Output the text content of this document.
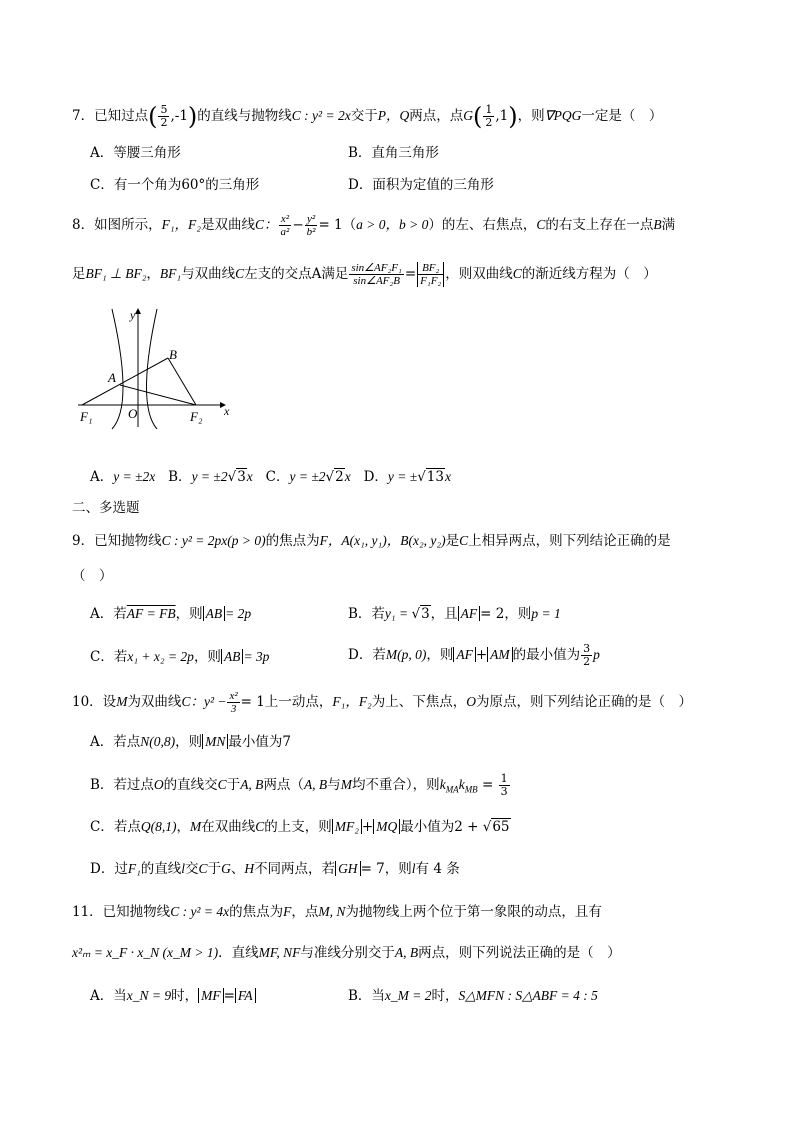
7．已知过点( $\frac{5}{2} ,-1$)的直线与抛物线C : y² = 2x交于P，Q两点，点$G( \frac{1}{2} ,1)$，则∇PQG一定是（　）
A．等腰三角形	B．直角三角形
C．有一个角为60°的三角形	D．面积为定值的三角形
8．如图所示，F₁，F₂是双曲线C： $\frac{\text{x²}}{\text{a²}} - \frac{\text{y²}}{\text{b²}} = 1(a > 0$，b > 0）的左、右焦点，C的右支上存在一点B满
足BF₁ ⊥ BF₂，BF₁与双曲线C左支的交点A满足 $\frac{\text{sin∠AF₂F₁}}{\text{sin∠AF₂B}} = \frac{\text{BF₂}}{\text{F₁F₂}}$ ，则双曲线C的渐近线方程为（　）
y
x
B
A
O
F₁	F₂
A．y = ±2x B．y = ±2√3x C．y = ±2√2x D．y = ±√13x
二、多选题
9．已知抛物线C : y² = 2px(p > 0)的焦点为F，A(x₁, y₁)，B(x₂, y₂)是C上相异两点，则下列结论正确的是
（　）
A．若AF = FB，则 AB = 2p	B．若y₁ = √3，且 AF = 2，则p = 1
C．若x₁ + x₂ = 2p，则 AB = 3p	D．若M(p, 0)，则 AF + AM 的最小值为 $\frac{3}{2}$ p
10．设M为双曲线C：$y^2 - \frac{\text{x²}}{3} = 1$上一动点，F₁，F₂为上、下焦点，O为原点，则下列结论正确的是（　）
A．若点N(0,8)，则 MN 最小值为7
B．若过点O的直线交C于A, B两点（A, B与M均不重合），则$k_{MA}k_{MB} = \frac{1}{3}$
C．若点Q(8,1)，M在双曲线C的上支，则 MF₂ + MQ 最小值为2 + √65
D．过F₁的直线l交C于G、H不同两点，若 GH = 7，则l有 4 条
11．已知抛物线C : y² = 4x的焦点为F，点M, N为抛物线上两个位于第一象限的动点，且有
x²ₘ = x_F · x_N (x_M > 1)．直线MF, NF与准线分别交于A, B两点，则下列说法正确的是（　）
A．当x_N = 9时， MF = FA	B．当x_M = 2时，S△MFN : S△ABF = 4 : 5
